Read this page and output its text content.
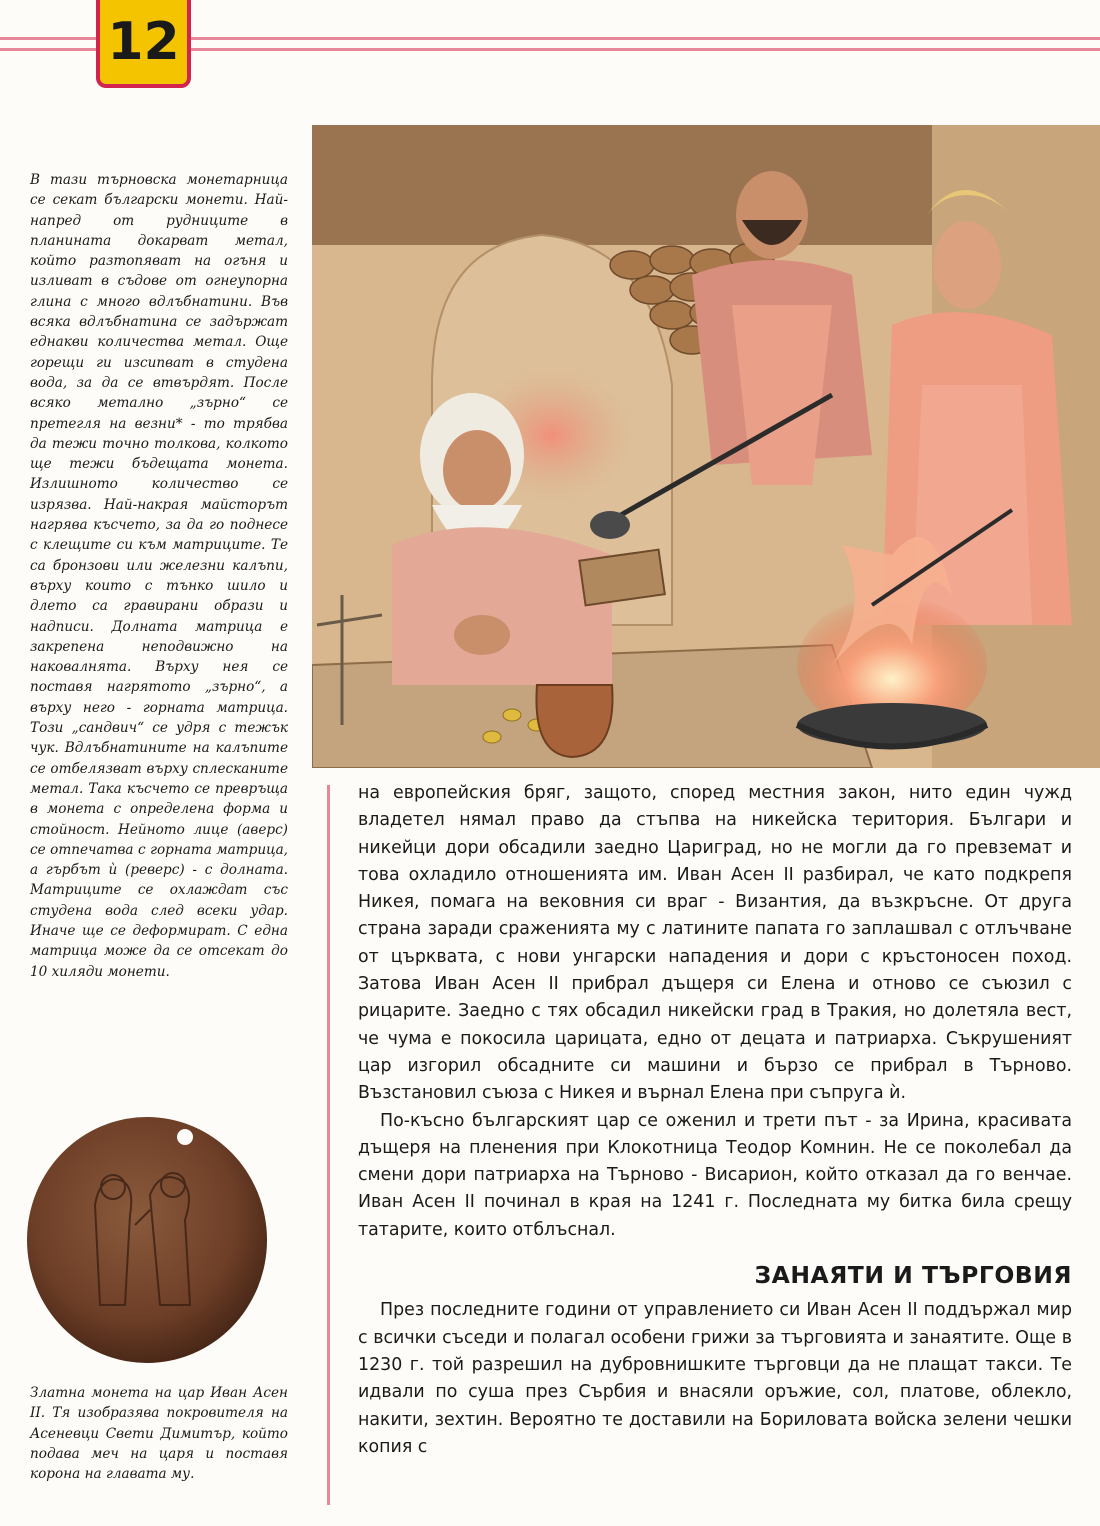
12

В тази търновска монетарница се секат български монети. Най-напред от рудниците в планината докарват метал, който разтопяват на огъня и изливат в съдове от огнеупорна глина с много вдлъбнатини. Във всяка вдлъбнатина се задържат еднакви количества метал. Още горещи ги изсипват в студена вода, за да се втвърдят. После всяко метално „зърно“ се претегля на везни* - то трябва да тежи точно толкова, колкото ще тежи бъдещата монета. Излишното количество се изрязва. Най-накрая майсторът нагрява късчето, за да го поднесе с клещите си към матриците. Те са бронзови или железни калъпи, върху които с тънко шило и длето са гравирани образи и надписи. Долната матрица е закрепена неподвижно на наковалнята. Върху нея се поставя нагрятото „зърно“, а върху него - горната матрица. Този „сандвич“ се удря с тежък чук. Вдлъбнатините на калъпите се отбелязват върху сплесканите метал. Така късчето се превръща в монета с определена форма и стойност. Нейното лице (аверс) се отпечатва с горната матрица, а гърбът ѝ (реверс) - с долната. Матриците се охлаждат със студена вода след всеки удар. Иначе ще се деформират. С една матрица може да се отсекат до 10 хиляди монети.

Златна монета на цар Иван Асен II. Тя изобразява покровителя на Асеневци Свети Димитър, който подава меч на царя и поставя корона на главата му.

на европейския бряг, защото, според местния закон, нито един чужд владетел нямал право да стъпва на никейска територия. Българи и никейци дори обсадили заедно Цариград, но не могли да го превземат и това охладило отношенията им. Иван Асен II разбирал, че като подкрепя Никея, помага на вековния си враг - Византия, да възкръсне. От друга страна заради сраженията му с латините папата го заплашвал с отлъчване от църквата, с нови унгарски нападения и дори с кръстоносен поход. Затова Иван Асен II прибрал дъщеря си Елена и отново се съюзил с рицарите. Заедно с тях обсадил никейски град в Тракия, но долетяла вест, че чума е покосила царицата, едно от децата и патриарха. Съкрушеният цар изгорил обсадните си машини и бързо се прибрал в Търново. Възстановил съюза с Никея и върнал Елена при съпруга ѝ.

По-късно българският цар се оженил и трети път - за Ирина, красивата дъщеря на пленения при Клокотница Теодор Комнин. Не се поколебал да смени дори патриарха на Търново - Висарион, който отказал да го венчае. Иван Асен II починал в края на 1241 г. Последната му битка била срещу татарите, които отблъснал.

ЗАНАЯТИ И ТЪРГОВИЯ

През последните години от управлението си Иван Асен II поддържал мир с всички съседи и полагал особени грижи за търговията и занаятите. Още в 1230 г. той разрешил на дубровнишките търговци да не плащат такси. Те идвали по суша през Сърбия и внасяли оръжие, сол, платове, облекло, накити, зехтин. Вероятно те доставили на Бориловата войска зелени чешки копия с
